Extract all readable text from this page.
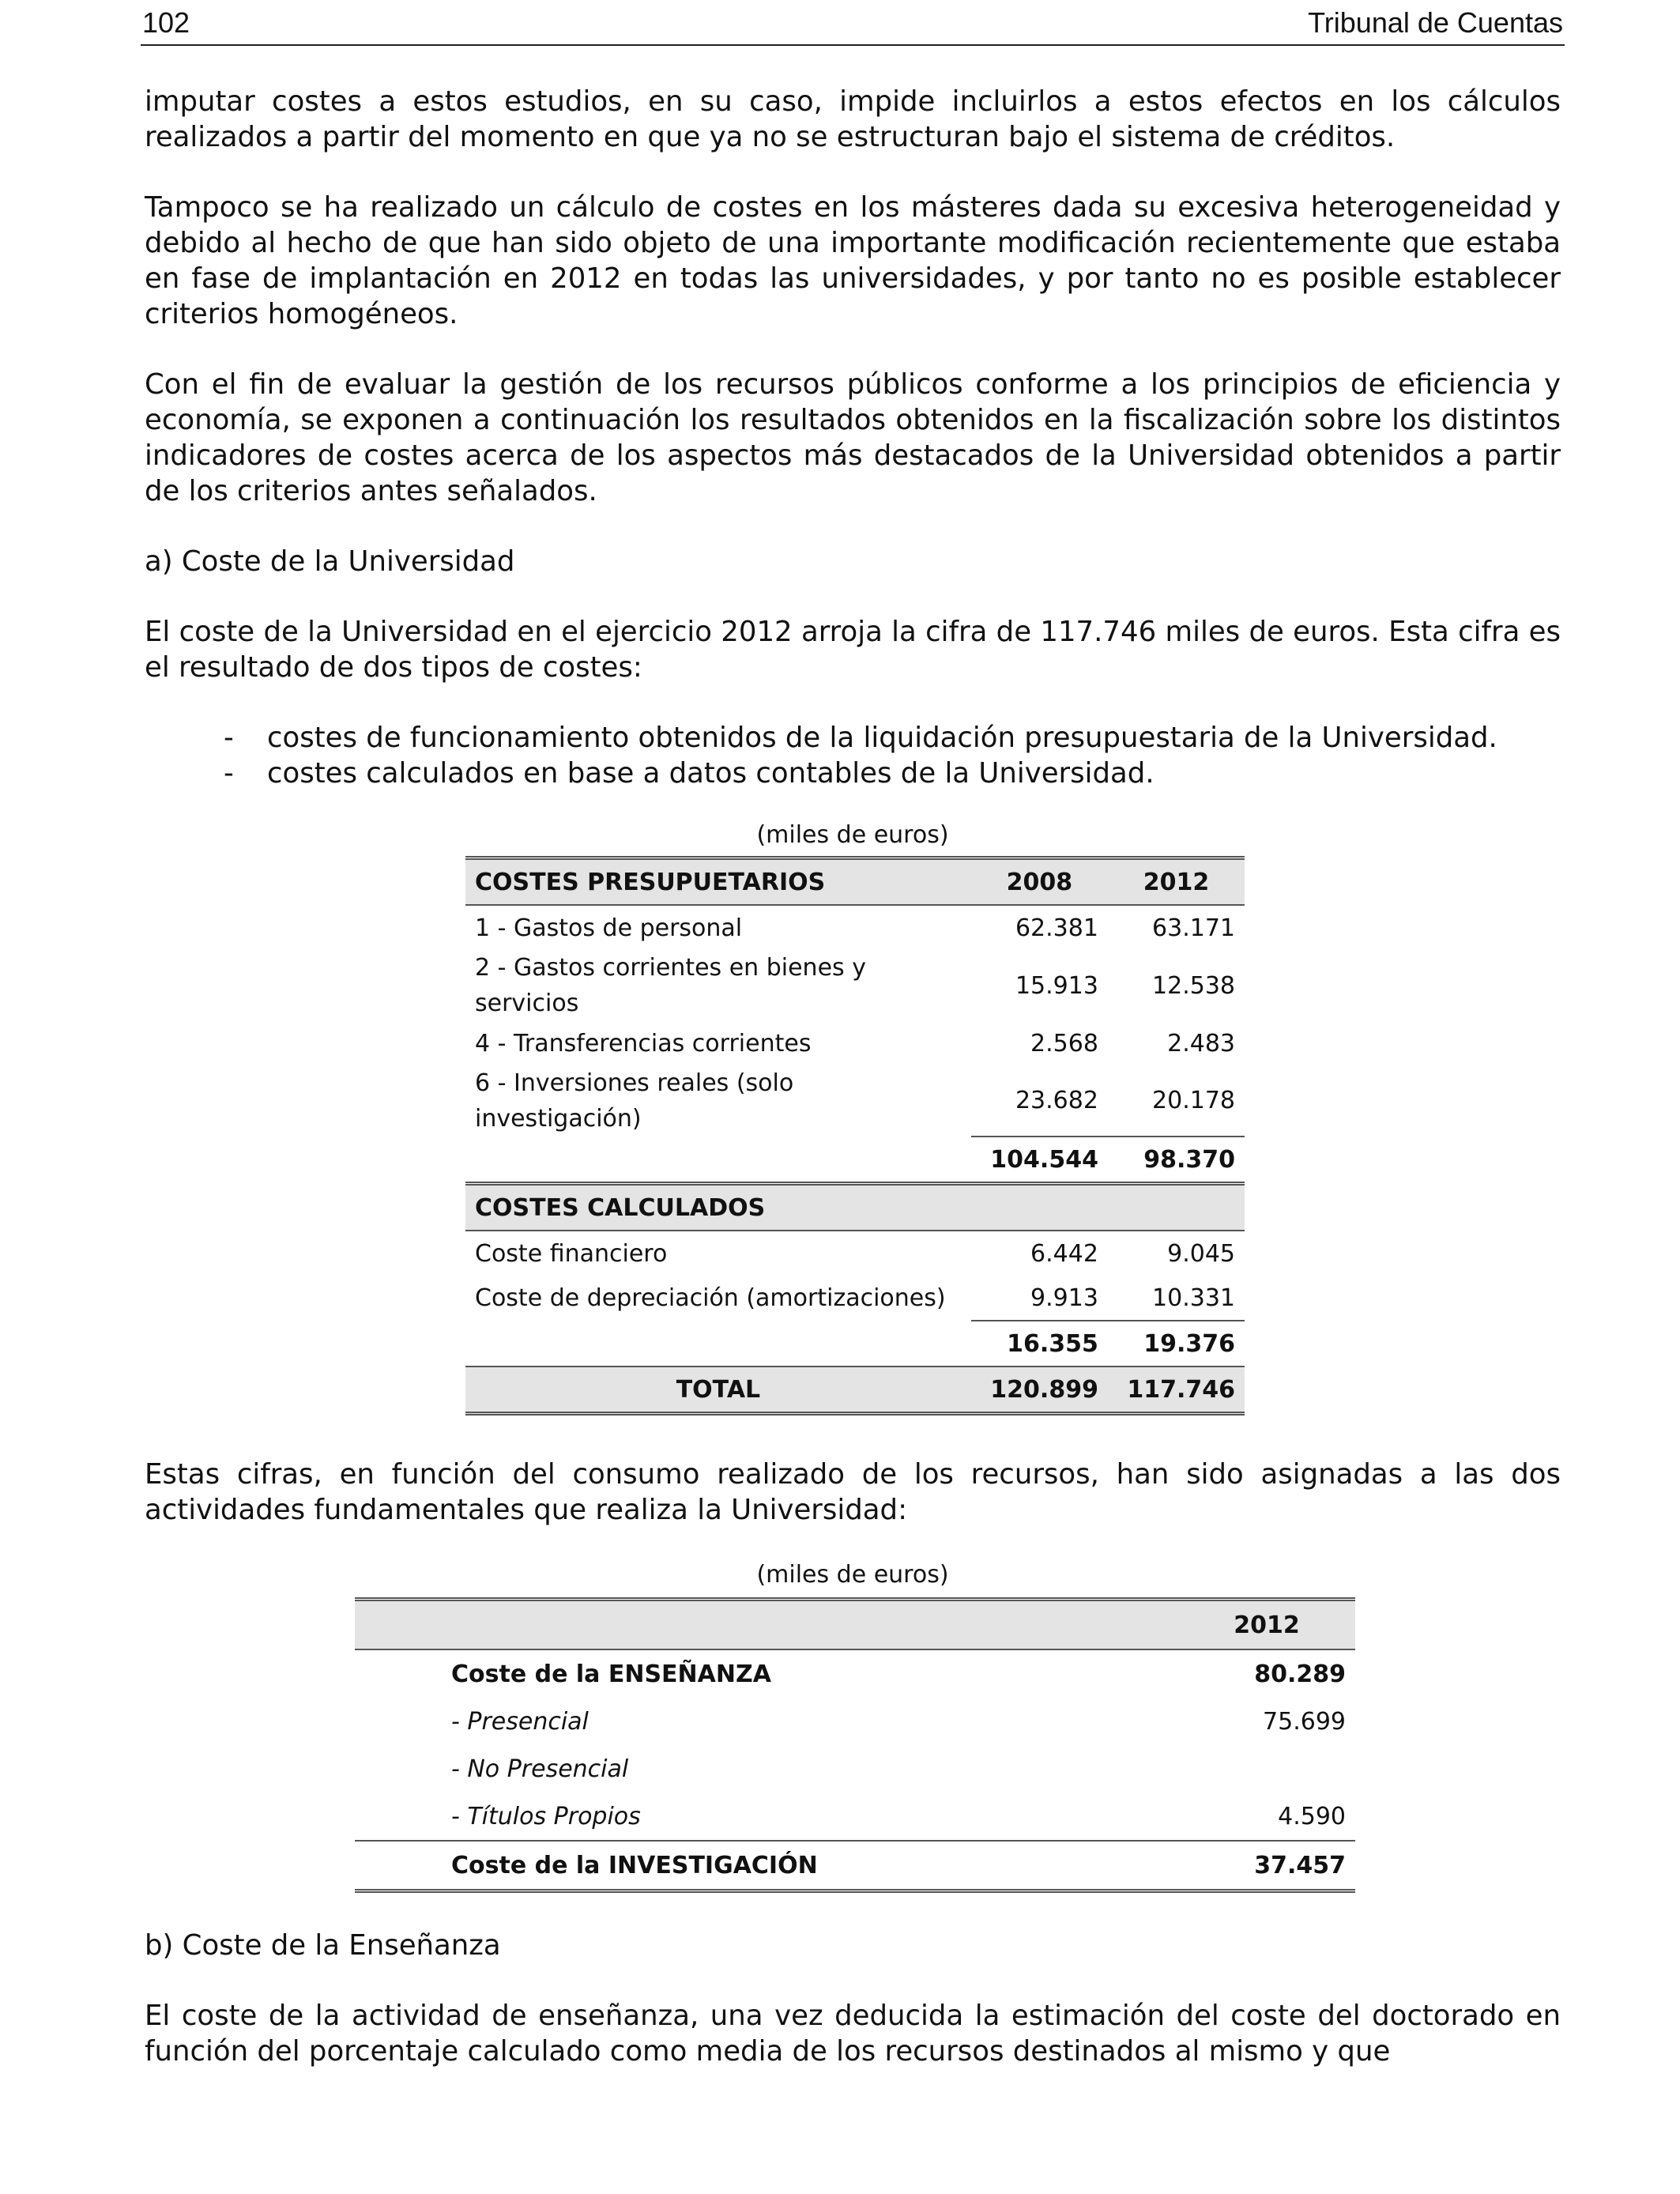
102	Tribunal de Cuentas

imputar costes a estos estudios, en su caso, impide incluirlos a estos efectos en los cálculos realizados a partir del momento en que ya no se estructuran bajo el sistema de créditos.

Tampoco se ha realizado un cálculo de costes en los másteres dada su excesiva heterogeneidad y debido al hecho de que han sido objeto de una importante modificación recientemente que estaba en fase de implantación en 2012 en todas las universidades, y por tanto no es posible establecer criterios homogéneos.

Con el fin de evaluar la gestión de los recursos públicos conforme a los principios de eficiencia y economía, se exponen a continuación los resultados obtenidos en la fiscalización sobre los distintos indicadores de costes acerca de los aspectos más destacados de la Universidad obtenidos a partir de los criterios antes señalados.

a) Coste de la Universidad

El coste de la Universidad en el ejercicio 2012 arroja la cifra de 117.746 miles de euros. Esta cifra es el resultado de dos tipos de costes:

- costes de funcionamiento obtenidos de la liquidación presupuestaria de la Universidad.
- costes calculados en base a datos contables de la Universidad.
(miles de euros)
COSTES PRESUPUETARIOS	2008	2012
1 - Gastos de personal	62.381	63.171
2 - Gastos corrientes en bienes y servicios	15.913	12.538
4 - Transferencias corrientes	2.568	2.483
6 - Inversiones reales (solo investigación)	23.682	20.178
	104.544	98.370
COSTES CALCULADOS		
Coste financiero	6.442	9.045
Coste de depreciación (amortizaciones)	9.913	10.331
	16.355	19.376
TOTAL	120.899	117.746

Estas cifras, en función del consumo realizado de los recursos, han sido asignadas a las dos actividades fundamentales que realiza la Universidad:

(miles de euros)
		2012
	Coste de la ENSEÑANZA	80.289
	- Presencial	75.699
	- No Presencial	
	- Títulos Propios	4.590
	Coste de la INVESTIGACIÓN	37.457

b) Coste de la Enseñanza

El coste de la actividad de enseñanza, una vez deducida la estimación del coste del doctorado en función del porcentaje calculado como media de los recursos destinados al mismo y que
